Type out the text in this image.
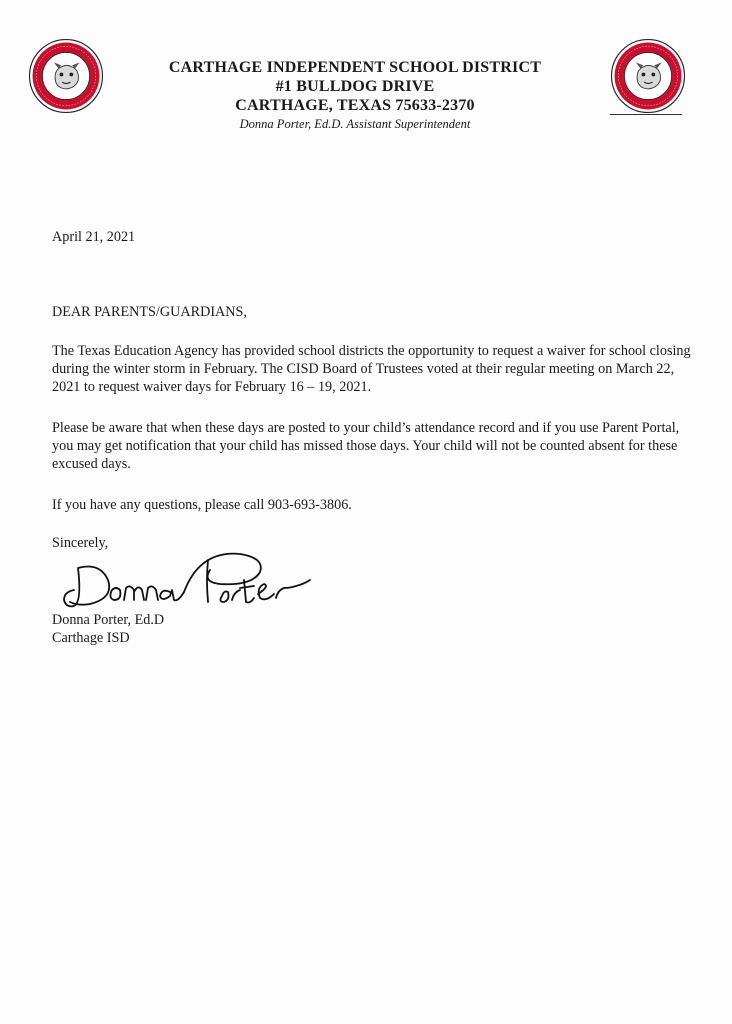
CARTHAGE INDEPENDENT SCHOOL DISTRICT
#1 BULLDOG DRIVE
CARTHAGE, TEXAS 75633-2370
Donna Porter, Ed.D. Assistant Superintendent

April 21, 2021

DEAR PARENTS/GUARDIANS,

The Texas Education Agency has provided school districts the opportunity to request a waiver for school closing during the winter storm in February. The CISD Board of Trustees voted at their regular meeting on March 22, 2021 to request waiver days for February 16 – 19, 2021.

Please be aware that when these days are posted to your child’s attendance record and if you use Parent Portal, you may get notification that your child has missed those days. Your child will not be counted absent for these excused days.

If you have any questions, please call 903-693-3806.

Sincerely,

Donna Porter, Ed.D

Carthage ISD
